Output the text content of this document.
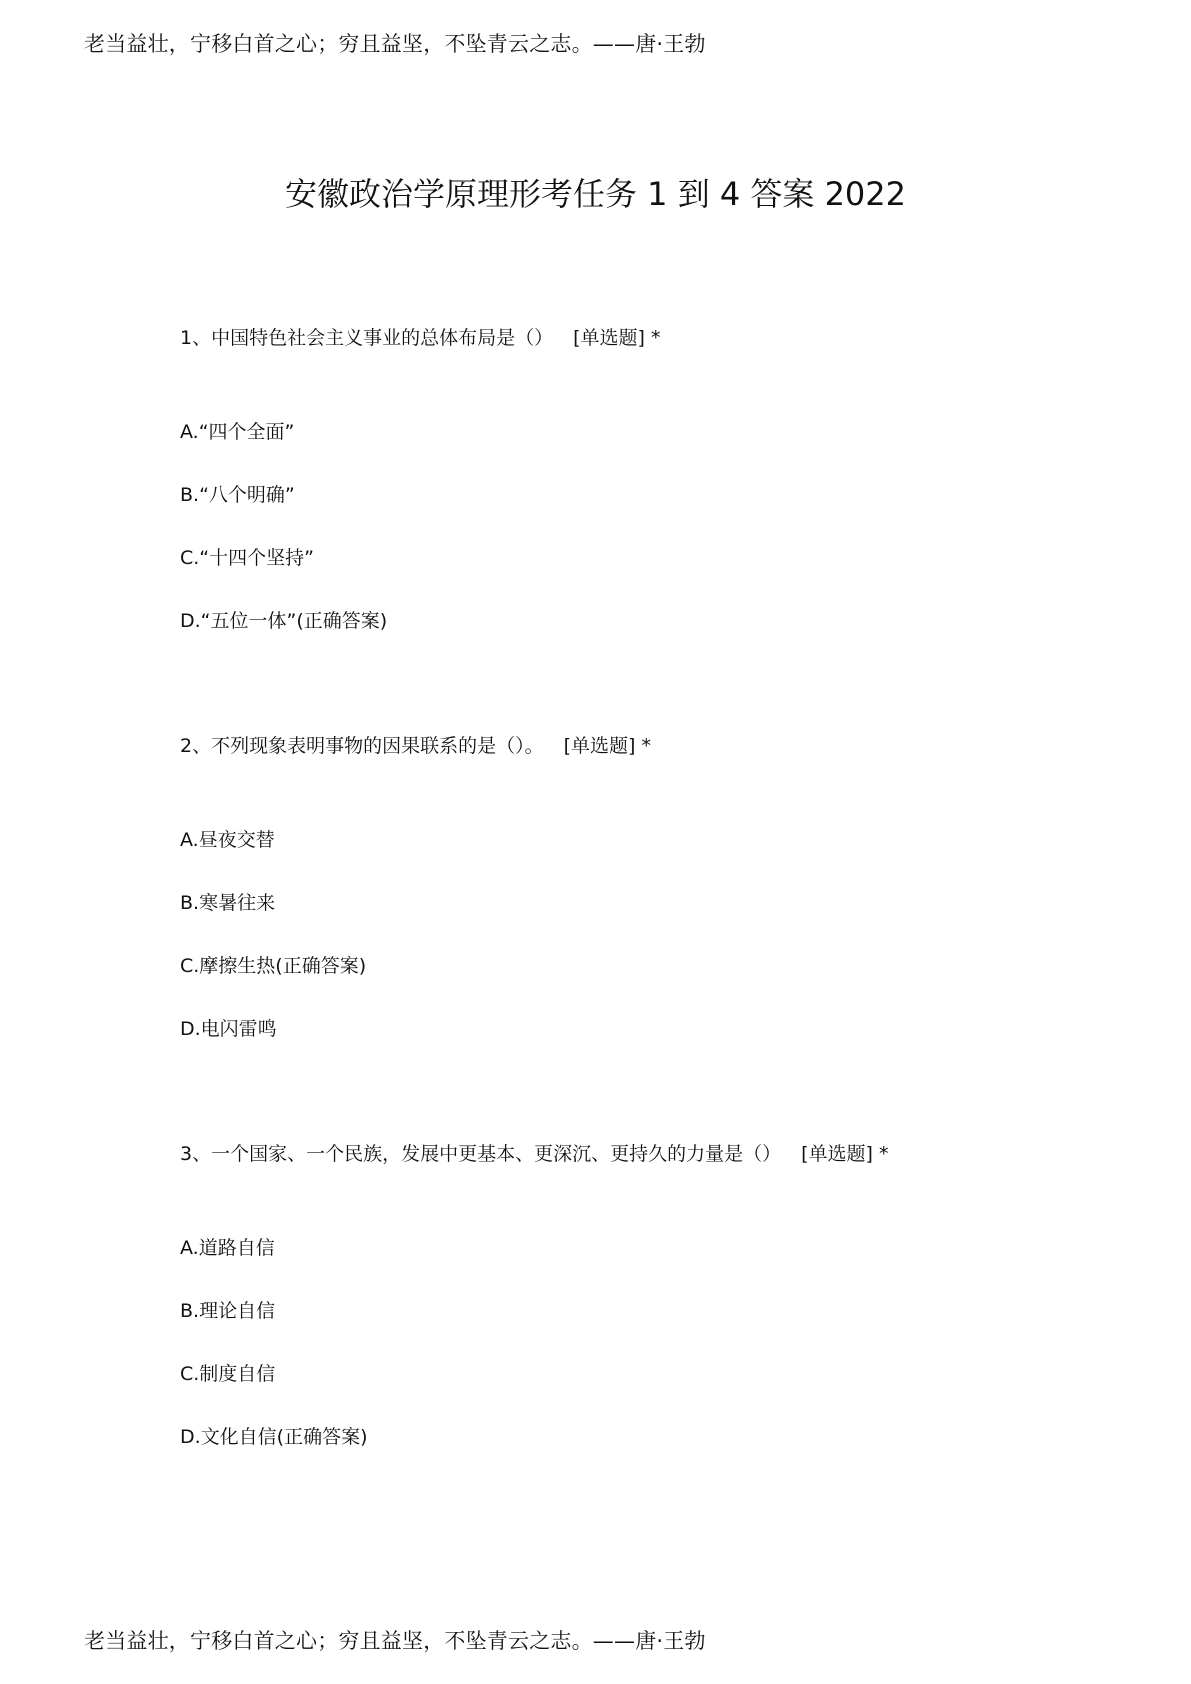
老当益壮，宁移白首之心；穷且益坚，不坠青云之志。——唐·王勃
安徽政治学原理形考任务 1 到 4 答案 2022
1、中国特色社会主义事业的总体布局是（） [单选题] *
A.“四个全面”
B.“八个明确”
C.“十四个坚持”
D.“五位一体”(正确答案)
2、不列现象表明事物的因果联系的是（）。 [单选题] *
A.昼夜交替
B.寒暑往来
C.摩擦生热(正确答案)
D.电闪雷鸣
3、一个国家、一个民族，发展中更基本、更深沉、更持久的力量是（） [单选题] *
A.道路自信
B.理论自信
C.制度自信
D.文化自信(正确答案)
老当益壮，宁移白首之心；穷且益坚，不坠青云之志。——唐·王勃
